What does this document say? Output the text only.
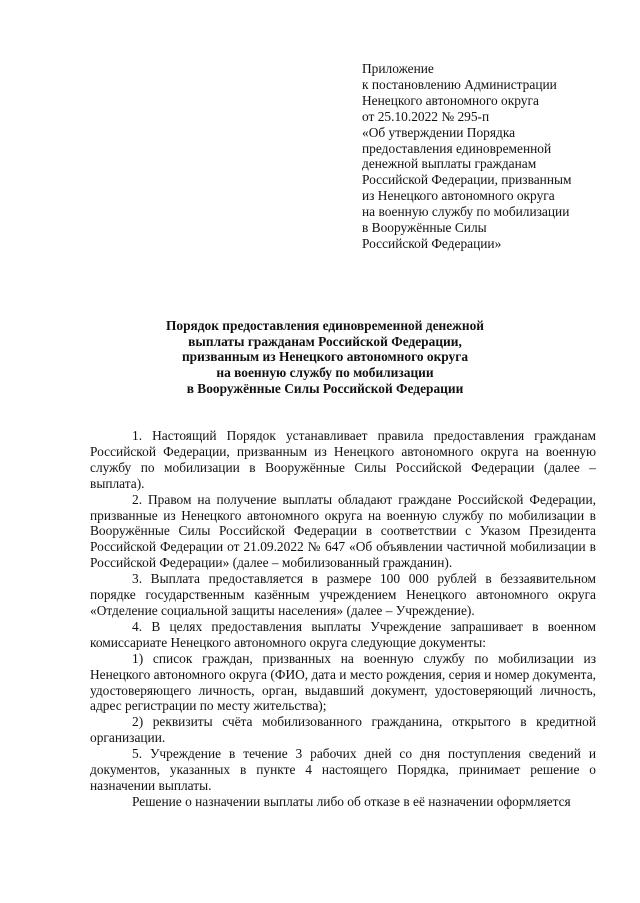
Приложение
к постановлению Администрации
Ненецкого автономного округа
от 25.10.2022 № 295-п
«Об утверждении Порядка
предоставления единовременной
денежной выплаты гражданам
Российской Федерации, призванным
из Ненецкого автономного округа
на военную службу по мобилизации
в Вооружённые Силы
Российской Федерации»
Порядок предоставления единовременной денежной
выплаты гражданам Российской Федерации,
призванным из Ненецкого автономного округа
на военную службу по мобилизации
в Вооружённые Силы Российской Федерации

1. Настоящий Порядок устанавливает правила предоставления гражданам Российской Федерации, призванным из Ненецкого автономного округа на военную службу по мобилизации в Вооружённые Силы Российской Федерации (далее – выплата).

2. Правом на получение выплаты обладают граждане Российской Федерации, призванные из Ненецкого автономного округа на военную службу по мобилизации в Вооружённые Силы Российской Федерации в соответствии с Указом Президента Российской Федерации от 21.09.2022 № 647 «Об объявлении частичной мобилизации в Российской Федерации» (далее – мобилизованный гражданин).

3. Выплата предоставляется в размере 100 000 рублей в беззаявительном порядке государственным казённым учреждением Ненецкого автономного округа «Отделение социальной защиты населения» (далее – Учреждение).

4. В целях предоставления выплаты Учреждение запрашивает в военном комиссариате Ненецкого автономного округа следующие документы:

1) список граждан, призванных на военную службу по мобилизации из Ненецкого автономного округа (ФИО, дата и место рождения, серия и номер документа, удостоверяющего личность, орган, выдавший документ, удостоверяющий личность, адрес регистрации по месту жительства);

2) реквизиты счёта мобилизованного гражданина, открытого в кредитной организации.

5. Учреждение в течение 3 рабочих дней со дня поступления сведений и документов, указанных в пункте 4 настоящего Порядка, принимает решение о назначении выплаты.

Решение о назначении выплаты либо об отказе в её назначении оформляется
